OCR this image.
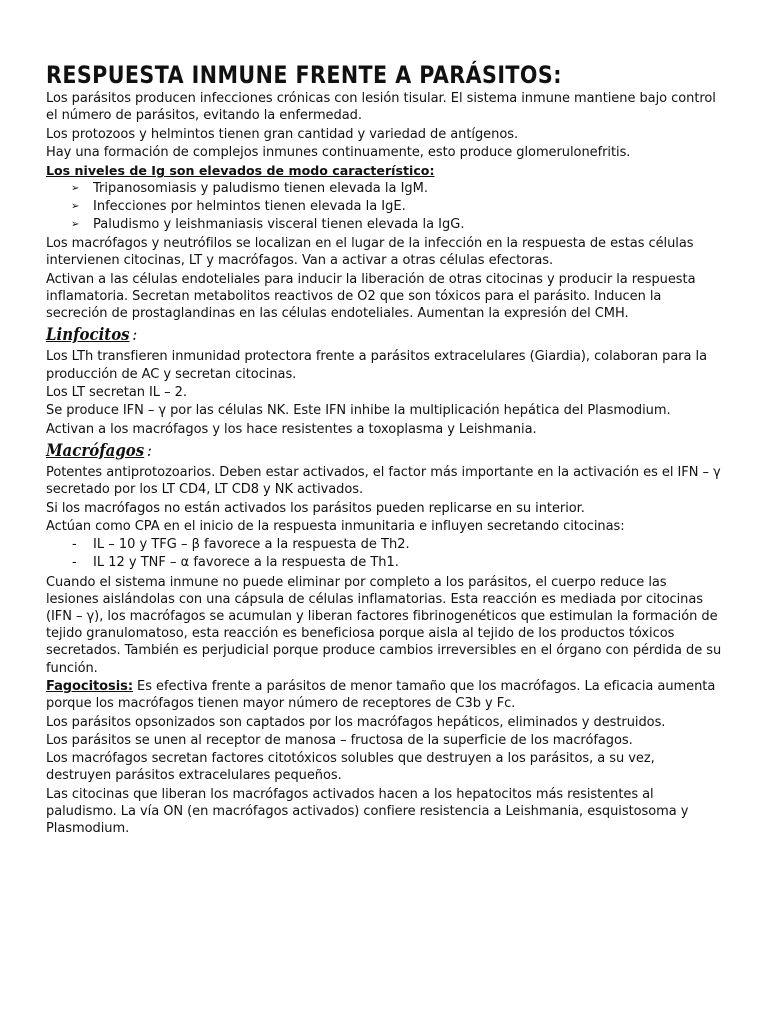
RESPUESTA INMUNE FRENTE A PARÁSITOS:

Los parásitos producen infecciones crónicas con lesión tisular. El sistema inmune mantiene bajo control el número de parásitos, evitando la enfermedad.

Los protozoos y helmintos tienen gran cantidad y variedad de antígenos.

Hay una formación de complejos inmunes continuamente, esto produce glomerulonefritis.

Los niveles de Ig son elevados de modo característico:
➢ Tripanosomiasis y paludismo tienen elevada la IgM.
➢ Infecciones por helmintos tienen elevada la IgE.
➢ Paludismo y leishmaniasis visceral tienen elevada la IgG.

Los macrófagos y neutrófilos se localizan en el lugar de la infección en la respuesta de estas células intervienen citocinas, LT y macrófagos. Van a activar a otras células efectoras.

Activan a las células endoteliales para inducir la liberación de otras citocinas y producir la respuesta inflamatoria. Secretan metabolitos reactivos de O2 que son tóxicos para el parásito. Inducen la secreción de prostaglandinas en las células endoteliales. Aumentan la expresión del CMH.

Linfocitos :

Los LTh transfieren inmunidad protectora frente a parásitos extracelulares (Giardia), colaboran para la producción de AC y secretan citocinas.

Los LT secretan IL – 2.

Se produce IFN – γ por las células NK. Este IFN inhibe la multiplicación hepática del Plasmodium.

Activan a los macrófagos y los hace resistentes a toxoplasma y Leishmania.

Macrófagos :

Potentes antiprotozoarios. Deben estar activados, el factor más importante en la activación es el IFN – γ secretado por los LT CD4, LT CD8 y NK activados.

Si los macrófagos no están activados los parásitos pueden replicarse en su interior.

Actúan como CPA en el inicio de la respuesta inmunitaria e influyen secretando citocinas:

- IL – 10 y TFG – β favorece a la respuesta de Th2.
- IL 12 y TNF – α favorece a la respuesta de Th1.

Cuando el sistema inmune no puede eliminar por completo a los parásitos, el cuerpo reduce las lesiones aislándolas con una cápsula de células inflamatorias. Esta reacción es mediada por citocinas (IFN – γ), los macrófagos se acumulan y liberan factores fibrinogenéticos que estimulan la formación de tejido granulomatoso, esta reacción es beneficiosa porque aisla al tejido de los productos tóxicos secretados. También es perjudicial porque produce cambios irreversibles en el órgano con pérdida de su función.

Fagocitosis: Es efectiva frente a parásitos de menor tamaño que los macrófagos. La eficacia aumenta porque los macrófagos tienen mayor número de receptores de C3b y Fc.

Los parásitos opsonizados son captados por los macrófagos hepáticos, eliminados y destruidos.

Los parásitos se unen al receptor de manosa – fructosa de la superficie de los macrófagos.

Los macrófagos secretan factores citotóxicos solubles que destruyen a los parásitos, a su vez, destruyen parásitos extracelulares pequeños.

Las citocinas que liberan los macrófagos activados hacen a los hepatocitos más resistentes al paludismo. La vía ON (en macrófagos activados) confiere resistencia a Leishmania, esquistosoma y Plasmodium.
